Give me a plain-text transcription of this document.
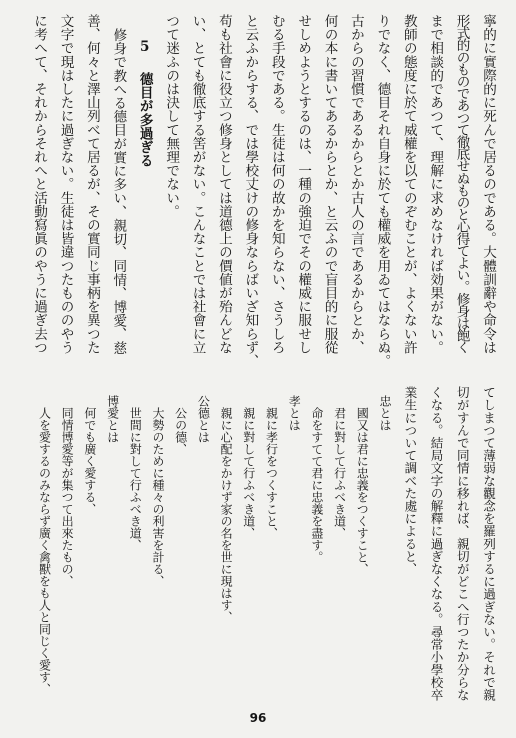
寧的に實際的に死んで居るのである。大體訓辭や命令は
形式的のものであつて徹底せぬものと心得てよい。修身は飽く
まで相談的であつて、理解に求めなければ効果がない。
教師の態度に於て威權を以てのぞむことが、よくない許
りでなく、德目それ自身に於ても權威を用ゐてはならぬ。
古からの習慣であるからとか古人の言であるからとか、
何の本に書いてあるからとか、と云ふので盲目的に服從
せしめようとするのは、一種の強迫でその權威に服せし
むる手段である。生徒は何の故かを知らない、さうしろ
と云ふからする、では學校丈けの修身ならばいざ知らず、
苟も社會に役立つ修身としては道德上の價値が殆んどな
い、とても徹底する筈がない。こんなことでは社會に立
つて迷ふのは決して無理でない。
5德目が多過ぎる
修身で教へる德目が實に多い、親切、同情、博愛、慈
善、何々と澤山列べて居るが、その實同じ事柄を異つた
文字で現はしたに過ぎない。生徒は皆違つたもののやう
に考へて、それからそれへと活動寫眞のやうに過ぎ去つ
てしまつて薄弱な觀念を羅列するに過ぎない。それで親
切がすんで同情に移れば、親切がどこへ行つたか分らな
くなる。結局文字の解釋に過ぎなくなる。尋常小學校卒
業生について調べた處によると、
忠とは
國又は君に忠義をつくすこと、
君に對して行ふべき道、
命をすてて君に忠義を盡す。
孝とは
親に孝行をつくすこと、
親に對して行ふべき道、
親に心配をかけず家の名を世に現はす、
公德とは
公の德、
大勢のために種々の利害を計る、
世間に對して行ふべき道、
博愛とは
何でも廣く愛する、
同情博愛等が集つて出來たもの、
人を愛するのみならず廣く禽獸をも人と同じく愛す、
96
